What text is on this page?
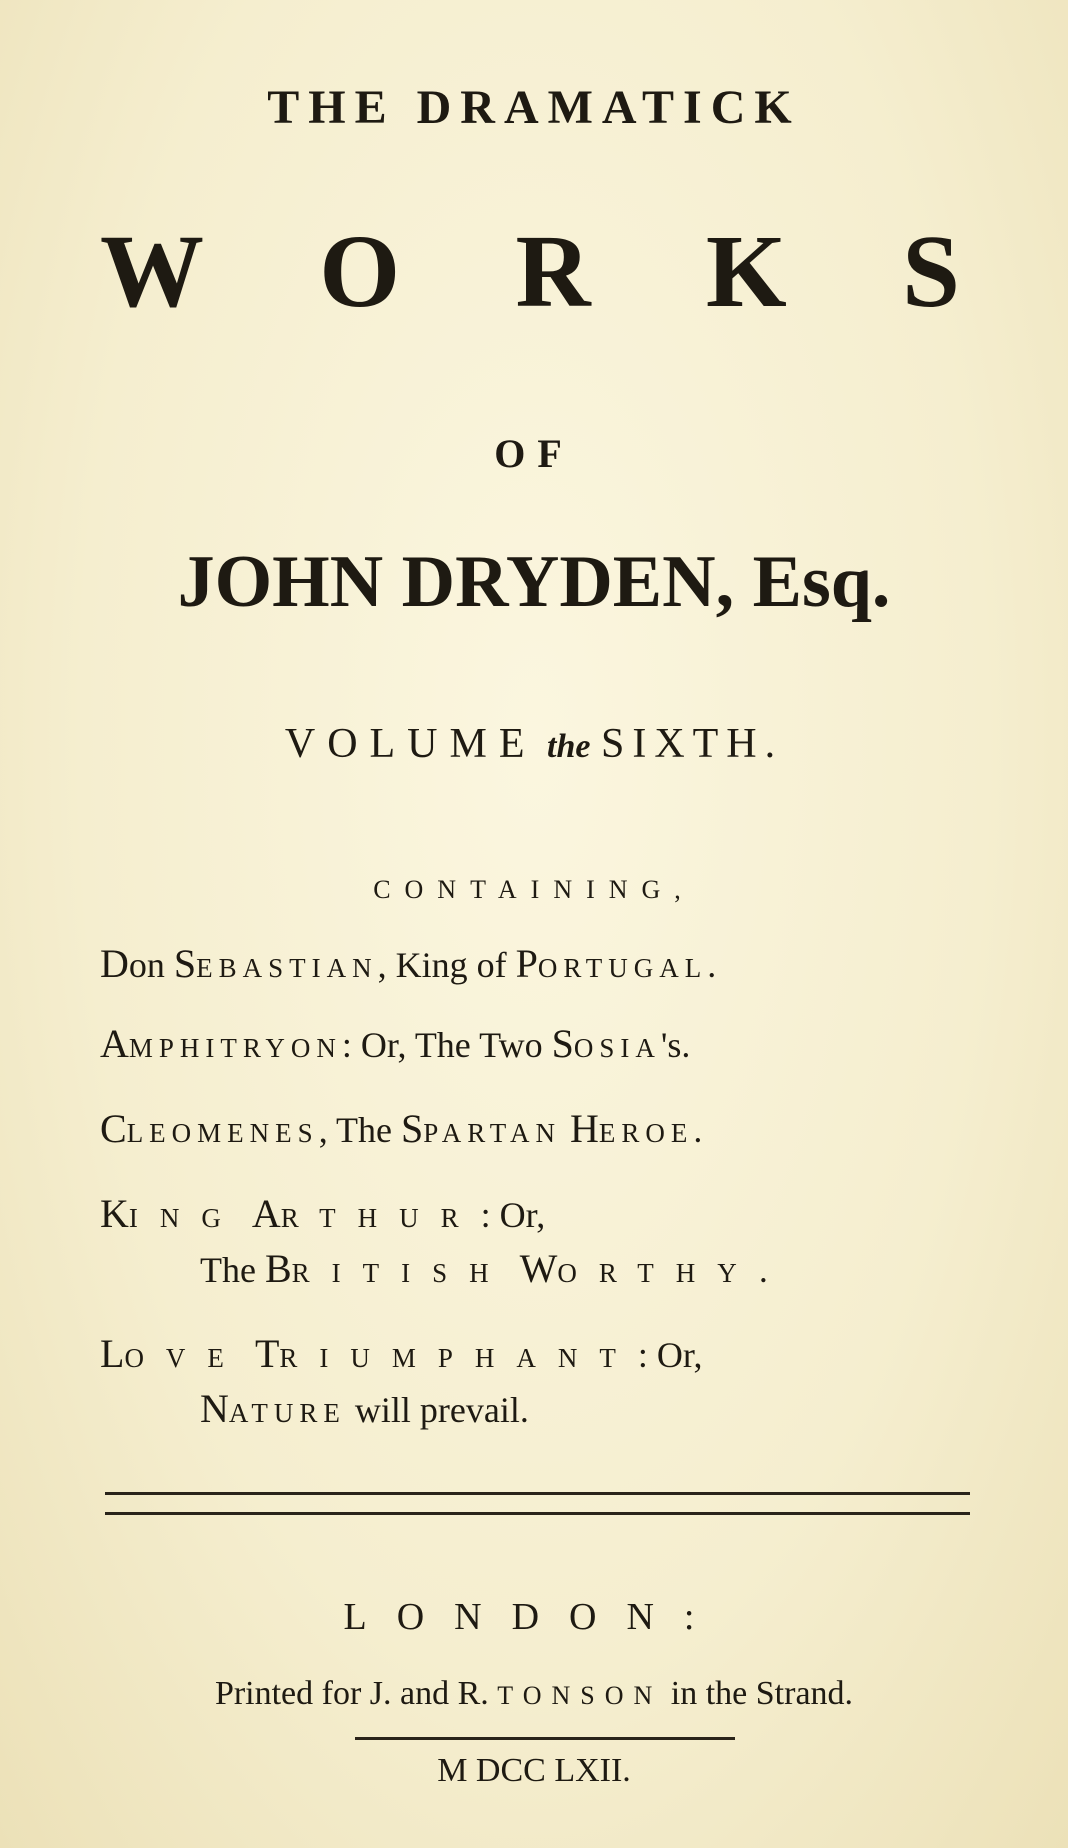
THE DRAMATICK
W O R K S
OF
JOHN DRYDEN, Esq.
VOLUME the SIXTH.
CONTAINING,
Don SEBASTIAN, King of PORTUGAL.
AMPHITRYON: Or, The Two SOSIA's.
CLEOMENES, The SPARTAN HEROE.
KING ARTHUR: Or,
The BRITISH WORTHY.
LOVE TRIUMPHANT: Or,
NATURE will prevail.
LONDON:
Printed for J. and R. TONSON in the Strand.
M DCC LXII.
